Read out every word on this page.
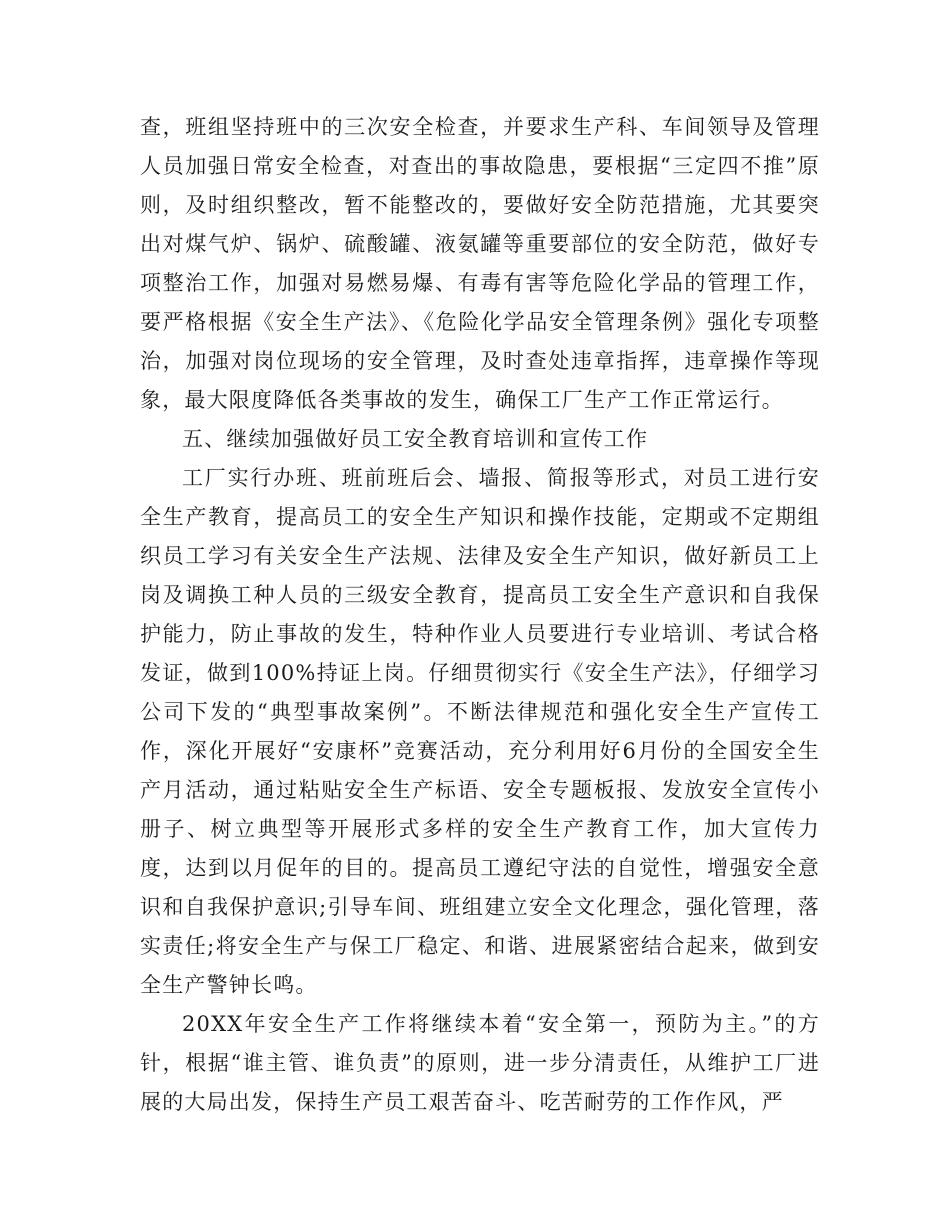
查，班组坚持班中的三次安全检查，并要求生产科、车间领导及管理人员加强日常安全检查，对查出的事故隐患，要根据“三定四不推”原则，及时组织整改，暂不能整改的，要做好安全防范措施，尤其要突出对煤气炉、锅炉、硫酸罐、液氨罐等重要部位的安全防范，做好专项整治工作，加强对易燃易爆、有毒有害等危险化学品的管理工作，要严格根据《安全生产法》、《危险化学品安全管理条例》强化专项整治，加强对岗位现场的安全管理，及时查处违章指挥，违章操作等现象，最大限度降低各类事故的发生，确保工厂生产工作正常运行。

五、继续加强做好员工安全教育培训和宣传工作

工厂实行办班、班前班后会、墙报、简报等形式，对员工进行安全生产教育，提高员工的安全生产知识和操作技能，定期或不定期组织员工学习有关安全生产法规、法律及安全生产知识，做好新员工上岗及调换工种人员的三级安全教育，提高员工安全生产意识和自我保护能力，防止事故的发生，特种作业人员要进行专业培训、考试合格发证，做到100%持证上岗。仔细贯彻实行《安全生产法》，仔细学习公司下发的“典型事故案例”。不断法律规范和强化安全生产宣传工作，深化开展好“安康杯”竞赛活动，充分利用好6月份的全国安全生产月活动，通过粘贴安全生产标语、安全专题板报、发放安全宣传小册子、树立典型等开展形式多样的安全生产教育工作，加大宣传力度，达到以月促年的目的。提高员工遵纪守法的自觉性，增强安全意识和自我保护意识;引导车间、班组建立安全文化理念，强化管理，落实责任;将安全生产与保工厂稳定、和谐、进展紧密结合起来，做到安全生产警钟长鸣。

20XX年安全生产工作将继续本着“安全第一，预防为主。”的方针，根据“谁主管、谁负责”的原则，进一步分清责任，从维护工厂进展的大局出发，保持生产员工艰苦奋斗、吃苦耐劳的工作作风，严
